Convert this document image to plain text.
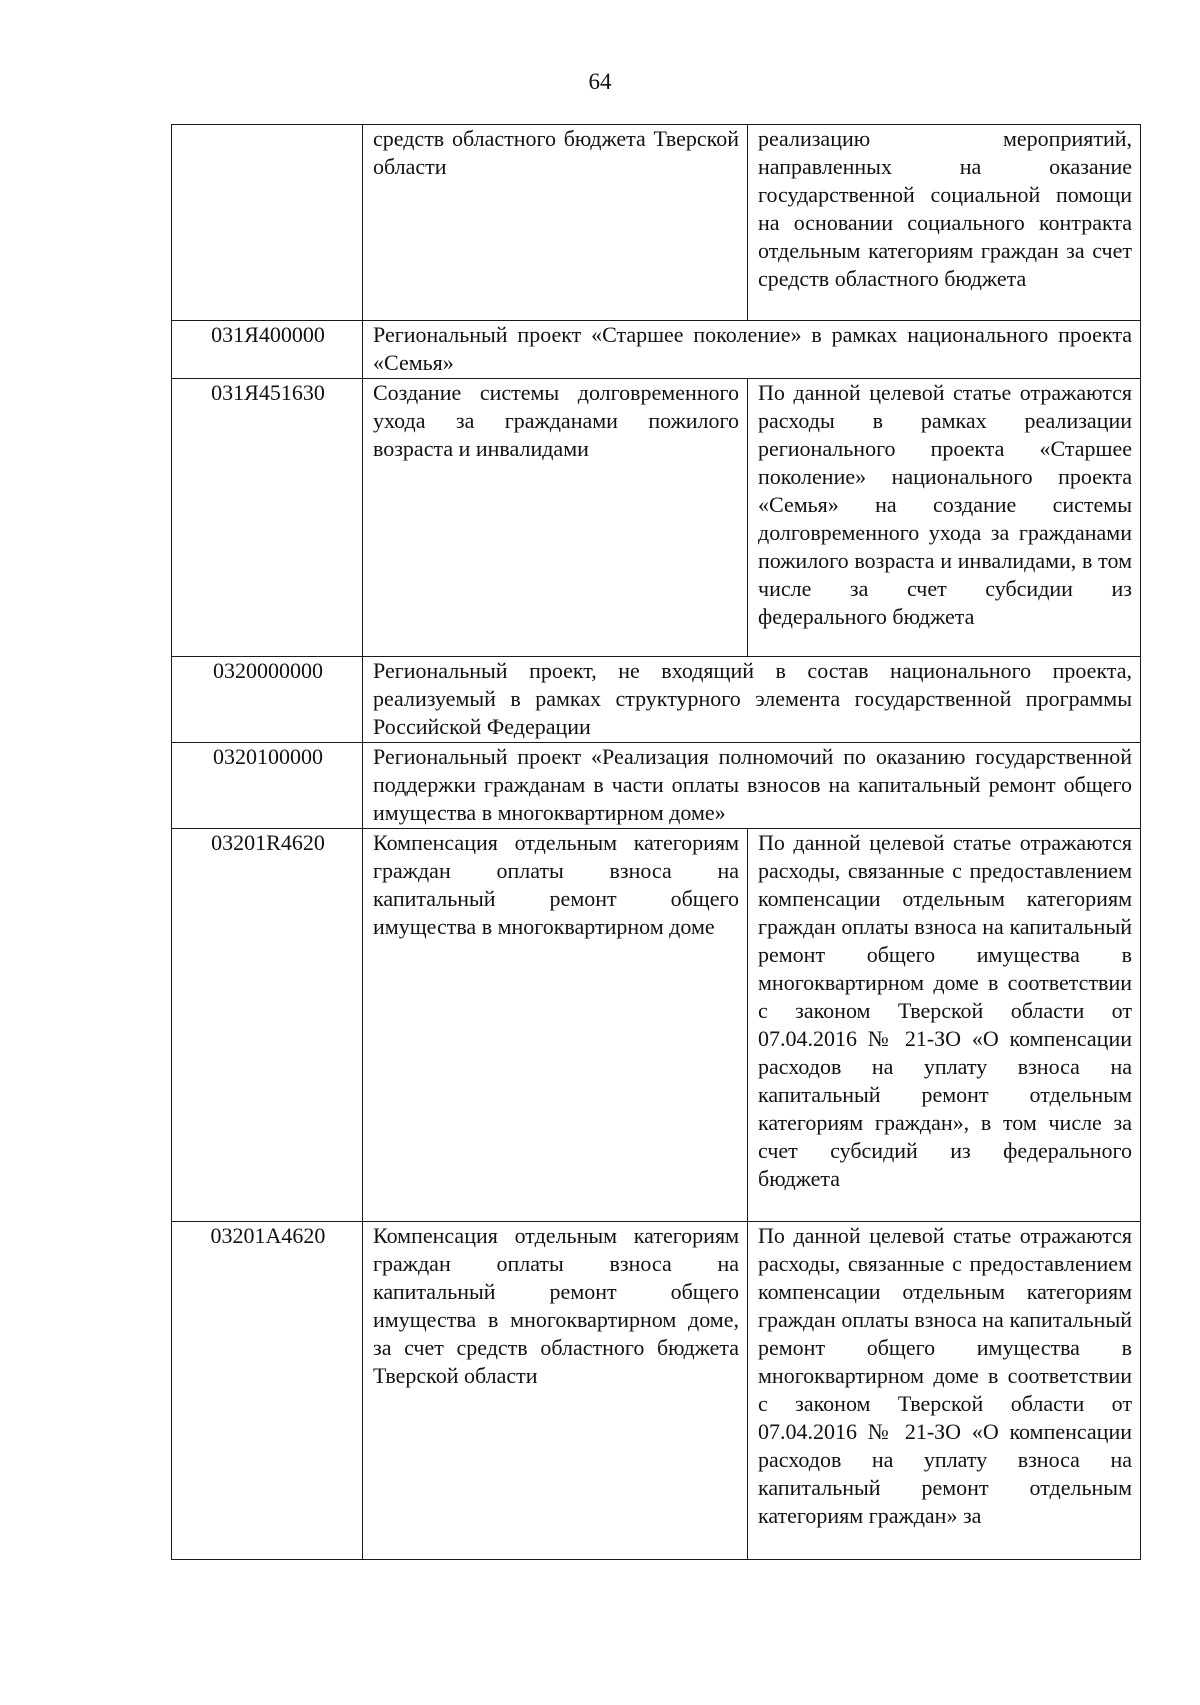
64
	средств областного бюджета Тверской области	реализацию мероприятий, направленных на оказание государственной социальной помощи на основании социального контракта отдельным категориям граждан за счет средств областного бюджета
031Я400000	Региональный проект «Старшее поколение» в рамках национального проекта «Семья»	
031Я451630	Создание системы долговременного ухода за гражданами пожилого возраста и инвалидами	По данной целевой статье отражаются расходы в рамках реализации регионального проекта «Старшее поколение» национального проекта «Семья» на создание системы долговременного ухода за гражданами пожилого возраста и инвалидами, в том числе за счет субсидии из федерального бюджета
0320000000	Региональный проект, не входящий в состав национального проекта, реализуемый в рамках структурного элемента государственной программы Российской Федерации	
0320100000	Региональный проект «Реализация полномочий по оказанию государственной поддержки гражданам в части оплаты взносов на капитальный ремонт общего имущества в многоквартирном доме»	
03201R4620	Компенсация отдельным категориям граждан оплаты взноса на капитальный ремонт общего имущества в многоквартирном доме	По данной целевой статье отражаются расходы, связанные с предоставлением компенсации отдельным категориям граждан оплаты взноса на капитальный ремонт общего имущества в многоквартирном доме в соответствии с законом Тверской области от 07.04.2016 № 21-ЗО «О компенсации расходов на уплату взноса на капитальный ремонт отдельным категориям граждан», в том числе за счет субсидий из федерального бюджета
03201А4620	Компенсация отдельным категориям граждан оплаты взноса на капитальный ремонт общего имущества в многоквартирном доме, за счет средств областного бюджета Тверской области	По данной целевой статье отражаются расходы, связанные с предоставлением компенсации отдельным категориям граждан оплаты взноса на капитальный ремонт общего имущества в многоквартирном доме в соответствии с законом Тверской области от 07.04.2016 № 21-ЗО «О компенсации расходов на уплату взноса на капитальный ремонт отдельным категориям граждан» за
